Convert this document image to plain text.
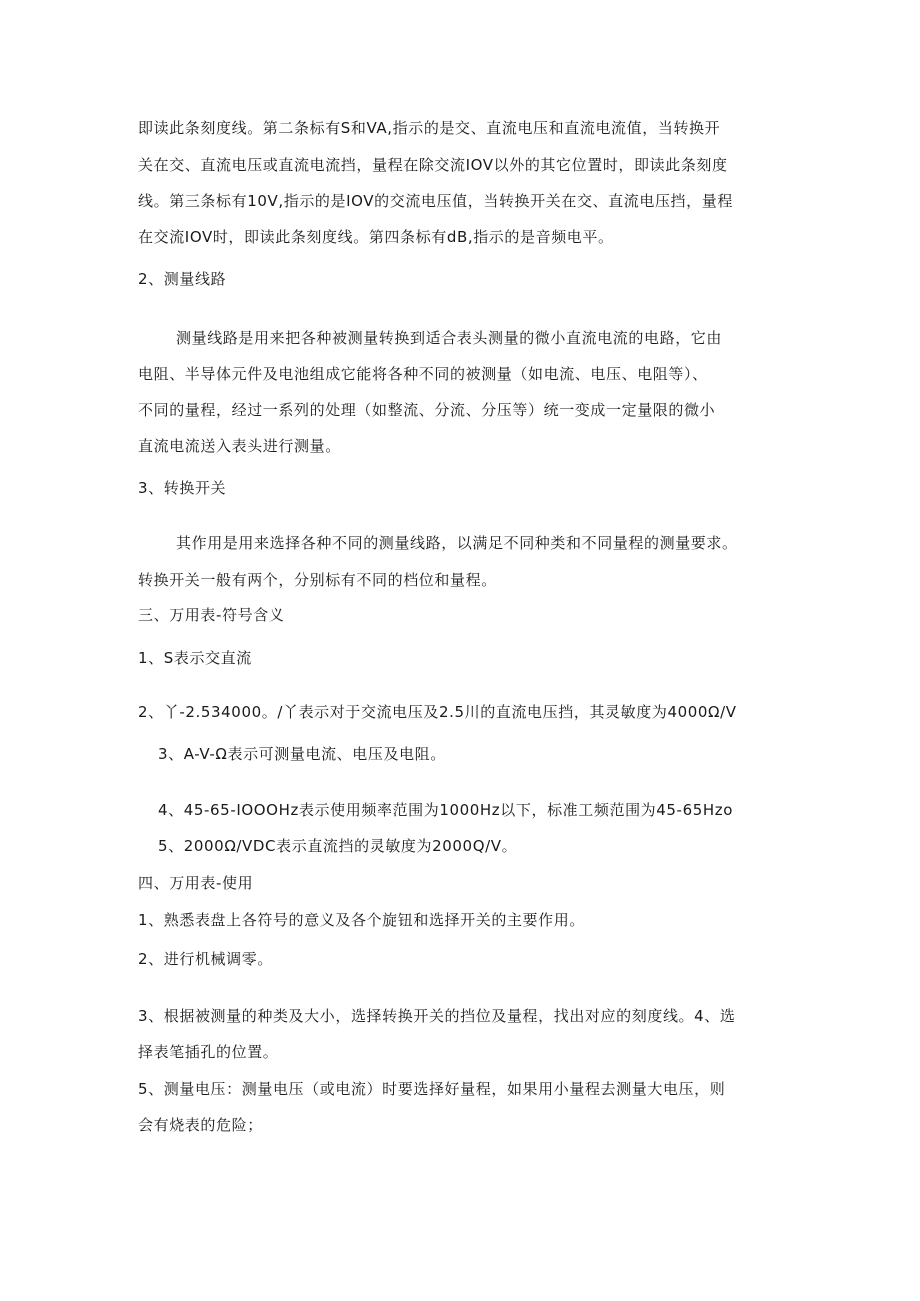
即读此条刻度线。第二条标有S和VA,指示的是交、直流电压和直流电流值，当转换开
关在交、直流电压或直流电流挡，量程在除交流IOV以外的其它位置时，即读此条刻度
线。第三条标有10V,指示的是IOV的交流电压值，当转换开关在交、直流电压挡，量程
在交流IOV时，即读此条刻度线。第四条标有dB,指示的是音频电平。
2、测量线路
测量线路是用来把各种被测量转换到适合表头测量的微小直流电流的电路，它由
电阻、半导体元件及电池组成它能将各种不同的被测量（如电流、电压、电阻等）、
不同的量程，经过一系列的处理（如整流、分流、分压等）统一变成一定量限的微小
直流电流送入表头进行测量。
3、转换开关
其作用是用来选择各种不同的测量线路，以满足不同种类和不同量程的测量要求。
转换开关一般有两个，分别标有不同的档位和量程。
三、万用表-符号含义
1、S表示交直流
2、丫-2.534000。/丫表示对于交流电压及2.5川的直流电压挡，其灵敏度为4000Ω/V
3、A-V-Ω表示可测量电流、电压及电阻。
4、45-65-IOOOHz表示使用频率范围为1000Hz以下，标准工频范围为45-65Hzo
5、2000Ω/VDC表示直流挡的灵敏度为2000Q/V。
四、万用表-使用
1、熟悉表盘上各符号的意义及各个旋钮和选择开关的主要作用。
2、进行机械调零。
3、根据被测量的种类及大小，选择转换开关的挡位及量程，找出对应的刻度线。4、选
择表笔插孔的位置。
5、测量电压：测量电压（或电流）时要选择好量程，如果用小量程去测量大电压，则
会有烧表的危险；
